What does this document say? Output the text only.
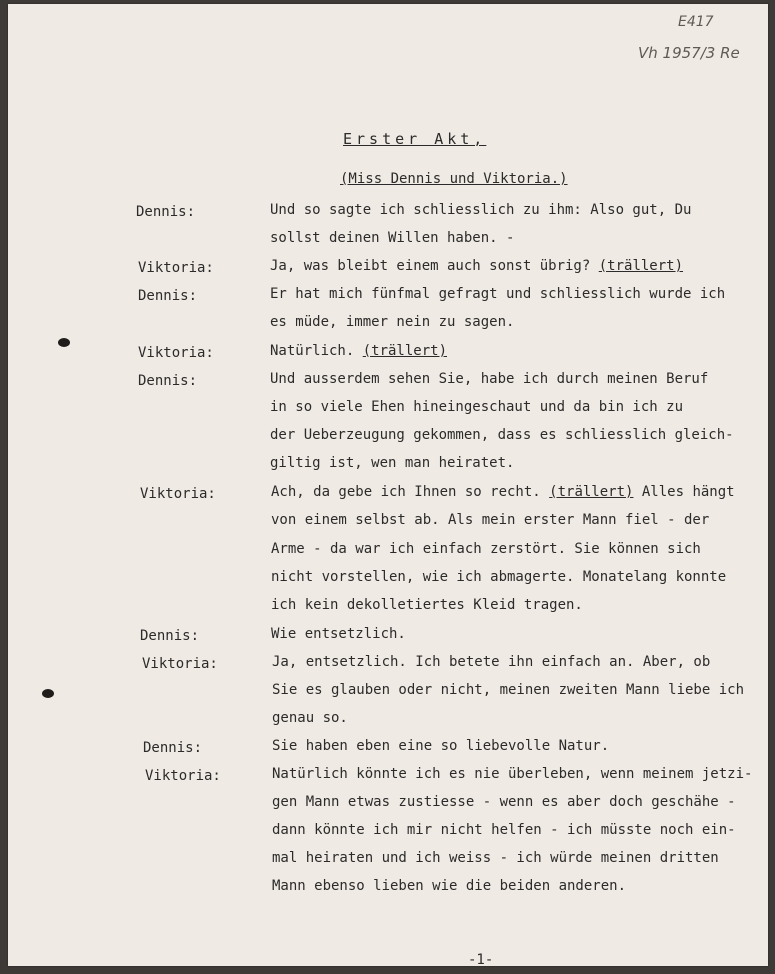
E417
Vh 1957/3 Re
Erster Akt,
(Miss Dennis und Viktoria.)
Dennis:
Viktoria:
Dennis:
Viktoria:
Dennis:
Viktoria:
Dennis:
Viktoria:
Dennis:
Viktoria:
Und so sagte ich schliesslich zu ihm: Also gut, Du
sollst deinen Willen haben. -
Ja, was bleibt einem auch sonst übrig? (trällert)
Er hat mich fünfmal gefragt und schliesslich wurde ich
es müde, immer nein zu sagen.
Natürlich. (trällert)
Und ausserdem sehen Sie, habe ich durch meinen Beruf
in so viele Ehen hineingeschaut und da bin ich zu
der Ueberzeugung gekommen, dass es schliesslich gleich-
giltig ist, wen man heiratet.
Ach, da gebe ich Ihnen so recht. (trällert) Alles hängt
von einem selbst ab. Als mein erster Mann fiel - der
Arme - da war ich einfach zerstört. Sie können sich
nicht vorstellen, wie ich abmagerte. Monatelang konnte
ich kein dekolletiertes Kleid tragen.
Wie entsetzlich.
Ja, entsetzlich. Ich betete ihn einfach an. Aber, ob
Sie es glauben oder nicht, meinen zweiten Mann liebe ich
genau so.
Sie haben eben eine so liebevolle Natur.
Natürlich könnte ich es nie überleben, wenn meinem jetzi-
gen Mann etwas zustiesse - wenn es aber doch geschähe -
dann könnte ich mir nicht helfen - ich müsste noch ein-
mal heiraten und ich weiss - ich würde meinen dritten
Mann ebenso lieben wie die beiden anderen.
-1-
